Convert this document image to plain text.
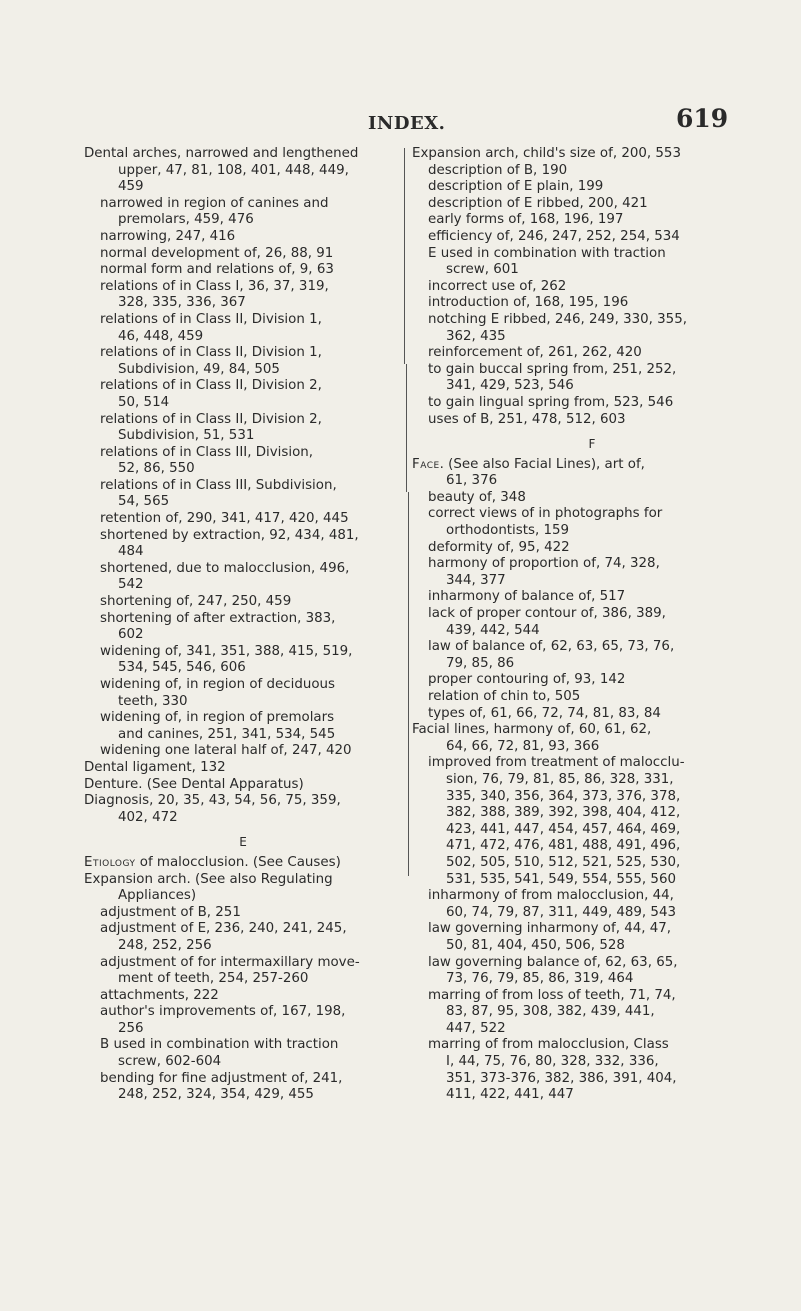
INDEX.	619
Dental arches, narrowed and lengthened
upper, 47, 81, 108, 401, 448, 449,
459
narrowed in region of canines and
premolars, 459, 476
narrowing, 247, 416
normal development of, 26, 88, 91
normal form and relations of, 9, 63
relations of in Class I, 36, 37, 319,
328, 335, 336, 367
relations of in Class II, Division 1,
46, 448, 459
relations of in Class II, Division 1,
Subdivision, 49, 84, 505
relations of in Class II, Division 2,
50, 514
relations of in Class II, Division 2,
Subdivision, 51, 531
relations of in Class III, Division,
52, 86, 550
relations of in Class III, Subdivision,
54, 565
retention of, 290, 341, 417, 420, 445
shortened by extraction, 92, 434, 481,
484
shortened, due to malocclusion, 496,
542
shortening of, 247, 250, 459
shortening of after extraction, 383,
602
widening of, 341, 351, 388, 415, 519,
534, 545, 546, 606
widening of, in region of deciduous
teeth, 330
widening of, in region of premolars
and canines, 251, 341, 534, 545
widening one lateral half of, 247, 420
Dental ligament, 132
Denture. (See Dental Apparatus)
Diagnosis, 20, 35, 43, 54, 56, 75, 359,
402, 472
E
Etiology of malocclusion. (See Causes)
Expansion arch. (See also Regulating
Appliances)
adjustment of B, 251
adjustment of E, 236, 240, 241, 245,
248, 252, 256
adjustment of for intermaxillary move-
ment of teeth, 254, 257-260
attachments, 222
author's improvements of, 167, 198,
256
B used in combination with traction
screw, 602-604
bending for fine adjustment of, 241,
248, 252, 324, 354, 429, 455
Expansion arch, child's size of, 200, 553
description of B, 190
description of E plain, 199
description of E ribbed, 200, 421
early forms of, 168, 196, 197
efficiency of, 246, 247, 252, 254, 534
E used in combination with traction
screw, 601
incorrect use of, 262
introduction of, 168, 195, 196
notching E ribbed, 246, 249, 330, 355,
362, 435
reinforcement of, 261, 262, 420
to gain buccal spring from, 251, 252,
341, 429, 523, 546
to gain lingual spring from, 523, 546
uses of B, 251, 478, 512, 603
F
Face. (See also Facial Lines), art of,
61, 376
beauty of, 348
correct views of in photographs for
orthodontists, 159
deformity of, 95, 422
harmony of proportion of, 74, 328,
344, 377
inharmony of balance of, 517
lack of proper contour of, 386, 389,
439, 442, 544
law of balance of, 62, 63, 65, 73, 76,
79, 85, 86
proper contouring of, 93, 142
relation of chin to, 505
types of, 61, 66, 72, 74, 81, 83, 84
Facial lines, harmony of, 60, 61, 62,
64, 66, 72, 81, 93, 366
improved from treatment of malocclu-
sion, 76, 79, 81, 85, 86, 328, 331,
335, 340, 356, 364, 373, 376, 378,
382, 388, 389, 392, 398, 404, 412,
423, 441, 447, 454, 457, 464, 469,
471, 472, 476, 481, 488, 491, 496,
502, 505, 510, 512, 521, 525, 530,
531, 535, 541, 549, 554, 555, 560
inharmony of from malocclusion, 44,
60, 74, 79, 87, 311, 449, 489, 543
law governing inharmony of, 44, 47,
50, 81, 404, 450, 506, 528
law governing balance of, 62, 63, 65,
73, 76, 79, 85, 86, 319, 464
marring of from loss of teeth, 71, 74,
83, 87, 95, 308, 382, 439, 441,
447, 522
marring of from malocclusion, Class
I, 44, 75, 76, 80, 328, 332, 336,
351, 373-376, 382, 386, 391, 404,
411, 422, 441, 447
